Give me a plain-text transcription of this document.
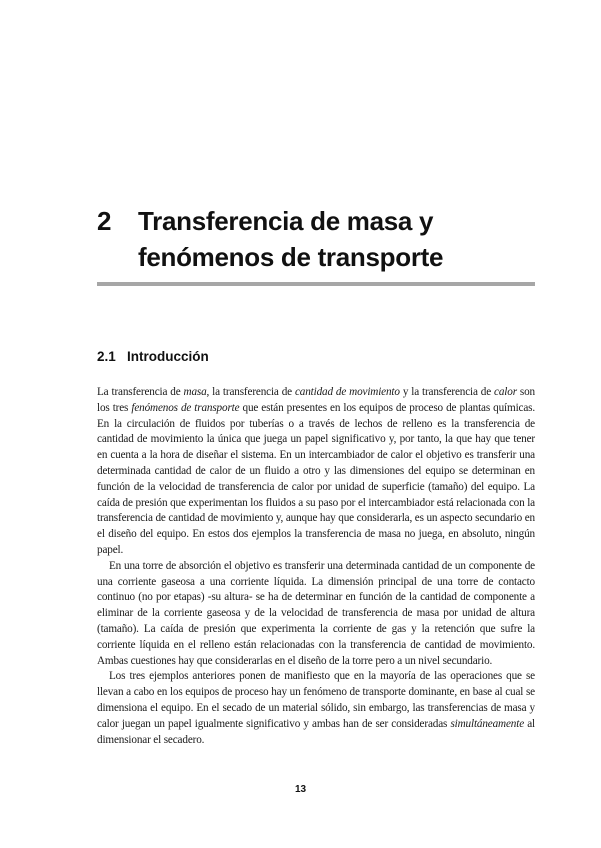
2 Transferencia de masa y
fenómenos de transporte
2.1 Introducción

La transferencia de masa, la transferencia de cantidad de movimiento y la transferencia de calor son los tres fenómenos de transporte que están presentes en los equipos de proceso de plantas químicas. En la circulación de fluidos por tuberías o a través de lechos de relleno es la transferencia de cantidad de movimiento la única que juega un papel significativo y, por tanto, la que hay que tener en cuenta a la hora de diseñar el sistema. En un intercambiador de calor el objetivo es transferir una determinada cantidad de calor de un fluido a otro y las dimensiones del equipo se determinan en función de la velocidad de transferencia de calor por unidad de superficie (tamaño) del equipo. La caída de presión que experimentan los fluidos a su paso por el intercambiador está relacionada con la transferencia de cantidad de movimiento y, aunque hay que considerarla, es un aspecto secundario en el diseño del equipo. En estos dos ejemplos la transferencia de masa no juega, en absoluto, ningún papel.

En una torre de absorción el objetivo es transferir una determinada cantidad de un componente de una corriente gaseosa a una corriente líquida. La dimensión principal de una torre de contacto continuo (no por etapas) -su altura- se ha de determinar en función de la cantidad de componente a eliminar de la corriente gaseosa y de la velocidad de transferencia de masa por unidad de altura (tamaño). La caída de presión que experimenta la corriente de gas y la retención que sufre la corriente líquida en el relleno están relacionadas con la transferencia de cantidad de movimiento. Ambas cuestiones hay que considerarlas en el diseño de la torre pero a un nivel secundario.

Los tres ejemplos anteriores ponen de manifiesto que en la mayoría de las operaciones que se llevan a cabo en los equipos de proceso hay un fenómeno de transporte dominante, en base al cual se dimensiona el equipo. En el secado de un material sólido, sin embargo, las transferencias de masa y calor juegan un papel igualmente significativo y ambas han de ser consideradas simultáneamente al dimensionar el secadero.

13
